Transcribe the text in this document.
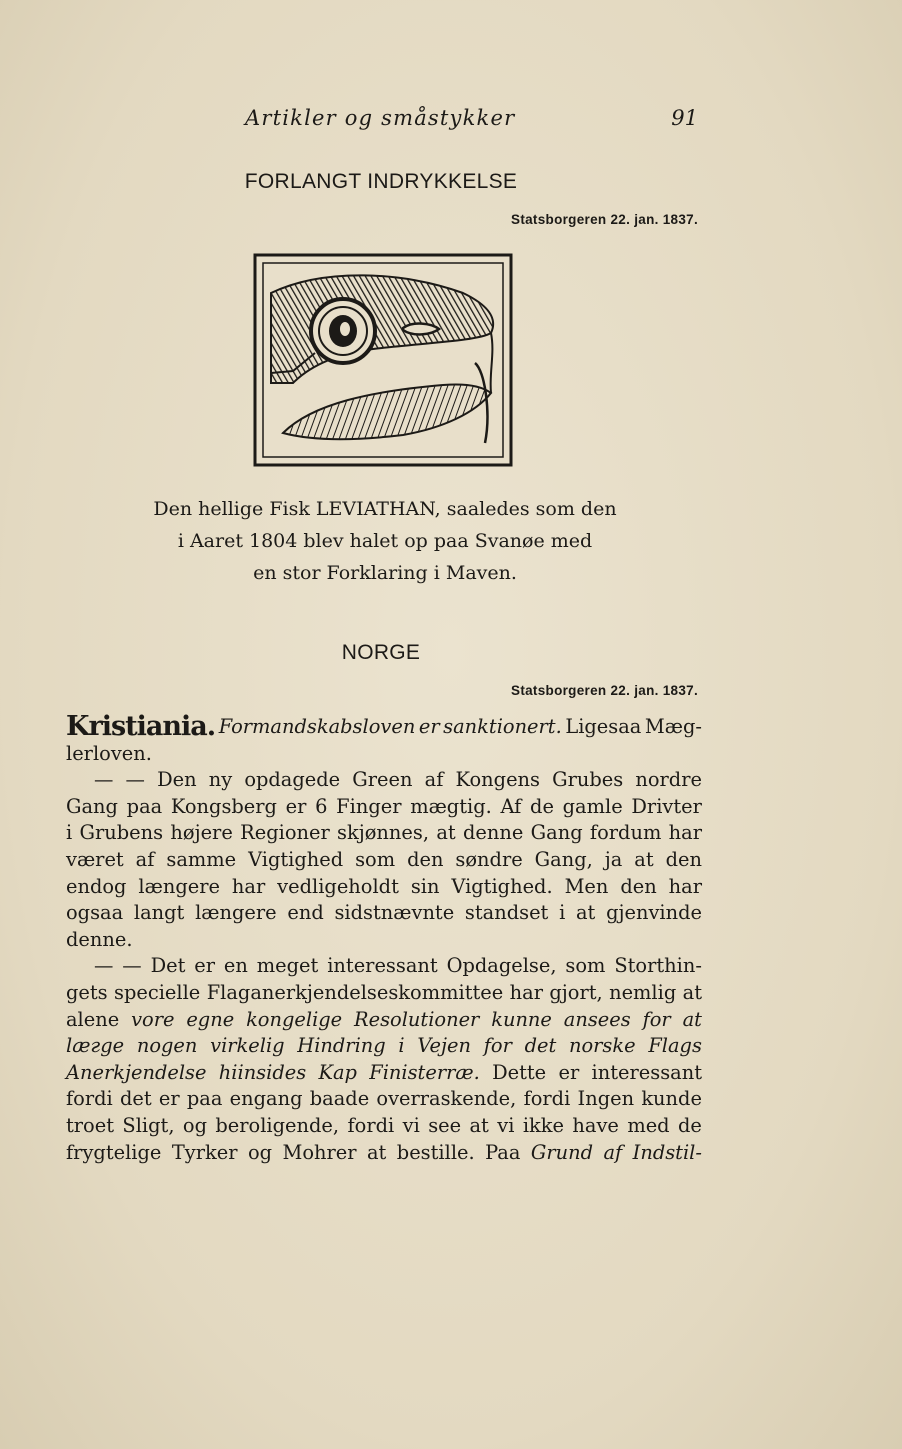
Artikler og småstykker	91
FORLANGT INDRYKKELSE
Statsborgeren 22. jan. 1837.
Den hellige Fisk LEVIATHAN, saaledes som den
i Aaret 1804 blev halet op paa Svanøe med
en stor Forklaring i Maven.
NORGE
Statsborgeren 22. jan. 1837.
Kristiania. Formandskabsloven er sanktionert. Ligesaa Mæg-
lerloven.
— — Den ny opdagede Green af Kongens Grubes nordre
Gang paa Kongsberg er 6 Finger mægtig. Af de gamle Drivter
i Grubens højere Regioner skjønnes, at denne Gang fordum har
været af samme Vigtighed som den søndre Gang, ja at den
endog længere har vedligeholdt sin Vigtighed. Men den har
ogsaa langt længere end sidstnævnte standset i at gjenvinde
denne.
— — Det er en meget interessant Opdagelse, som Storthin-
gets specielle Flaganerkjendelseskommittee har gjort, nemlig at
alene vore egne kongelige Resolutioner kunne ansees for at
læгge nogen virkelig Hindring i Vejen for det norske Flags
Anerkjendelse hiinsides Kap Finisterræ. Dette er interessant
fordi det er paa engang baade overraskende, fordi Ingen kunde
troet Sligt, og beroligende, fordi vi see at vi ikke have med de
frygtelige Tyrker og Mohrer at bestille. Paa Grund af Indstil-
